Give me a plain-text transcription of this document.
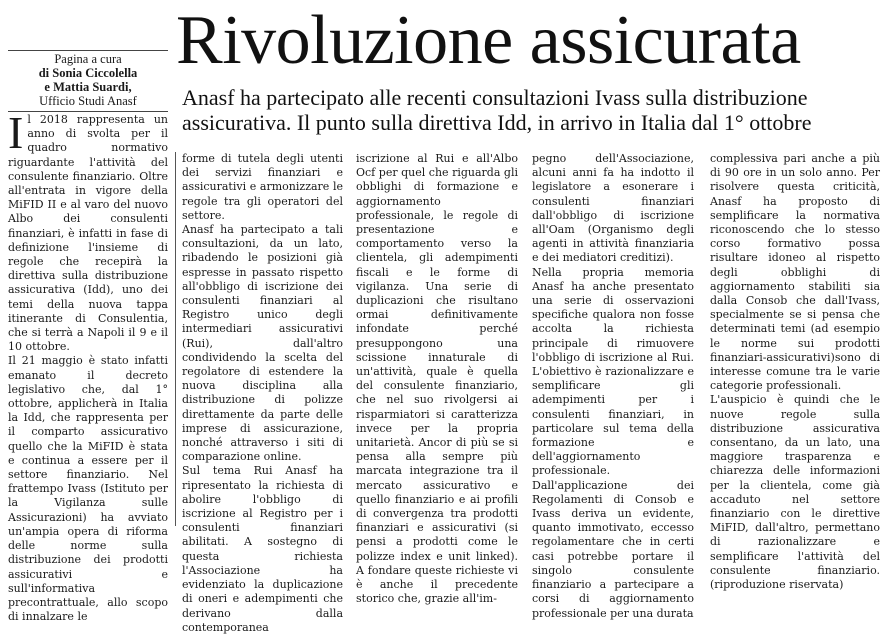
Pagina a cura
di Sonia Ciccolella
e Mattia Suardi,
Ufficio Studi Anasf
Rivoluzione assicurata
Anasf ha partecipato alle recenti consultazioni Ivass sulla distribuzione assicurativa. Il punto sulla direttiva Idd, in arrivo in Italia dal 1° ottobre
I l 2018 rappresenta un anno di svolta per il quadro normativo riguardante l'attività del consulente finanziario. Oltre all'entrata in vigore della MiFID II e al varo del nuovo Albo dei consulenti finanziari, è infatti in fase di definizione l'insieme di regole che recepirà la direttiva sulla distribuzione assicurativa (Idd), uno dei temi della nuova tappa itinerante di Consulentia, che si terrà a Napoli il 9 e il 10 ottobre.

Il 21 maggio è stato infatti emanato il decreto legislativo che, dal 1° ottobre, applicherà in Italia la Idd, che rappresenta per il comparto assicurativo quello che la MiFID è stata e continua a essere per il settore finanziario. Nel frattempo Ivass (Istituto per la Vigilanza sulle Assicurazioni) ha avviato un'ampia opera di riforma delle norme sulla distribuzione dei prodotti assicurativi e sull'informativa precontrattuale, allo scopo di innalzare le

forme di tutela degli utenti dei servizi finanziari e assicurativi e armonizzare le regole tra gli operatori del settore.

Anasf ha partecipato a tali consultazioni, da un lato, ribadendo le posizioni già espresse in passato rispetto all'obbligo di iscrizione dei consulenti finanziari al Registro unico degli intermediari assicurativi (Rui), dall'altro condividendo la scelta del regolatore di estendere la nuova disciplina alla distribuzione di polizze direttamente da parte delle imprese di assicurazione, nonché attraverso i siti di comparazione online.

Sul tema Rui Anasf ha ripresentato la richiesta di abolire l'obbligo di iscrizione al Registro per i consulenti finanziari abilitati. A sostegno di questa richiesta l'Associazione ha evidenziato la duplicazione di oneri e adempimenti che derivano dalla contemporanea

iscrizione al Rui e all'Albo Ocf per quel che riguarda gli obblighi di formazione e aggiornamento professionale, le regole di presentazione e comportamento verso la clientela, gli adempimenti fiscali e le forme di vigilanza. Una serie di duplicazioni che risultano ormai definitivamente infondate perché presuppongono una scissione innaturale di un'attività, quale è quella del consulente finanziario, che nel suo rivolgersi ai risparmiatori si caratterizza invece per la propria unitarietà. Ancor di più se si pensa alla sempre più marcata integrazione tra il mercato assicurativo e quello finanziario e ai profili di convergenza tra prodotti finanziari e assicurativi (si pensi a prodotti come le polizze index e unit linked). A fondare queste richieste vi è anche il precedente storico che, grazie all'im-

pegno dell'Associazione, alcuni anni fa ha indotto il legislatore a esonerare i consulenti finanziari dall'obbligo di iscrizione all'Oam (Organismo degli agenti in attività finanziaria e dei mediatori creditizi).

Nella propria memoria Anasf ha anche presentato una serie di osservazioni specifiche qualora non fosse accolta la richiesta principale di rimuovere l'obbligo di iscrizione al Rui. L'obiettivo è razionalizzare e semplificare gli adempimenti per i consulenti finanziari, in particolare sul tema della formazione e dell'aggiornamento professionale. Dall'applicazione dei Regolamenti di Consob e Ivass deriva un evidente, quanto immotivato, eccesso regolamentare che in certi casi potrebbe portare il singolo consulente finanziario a partecipare a corsi di aggiornamento professionale per una durata

complessiva pari anche a più di 90 ore in un solo anno. Per risolvere questa criticità, Anasf ha proposto di semplificare la normativa riconoscendo che lo stesso corso formativo possa risultare idoneo al rispetto degli obblighi di aggiornamento stabiliti sia dalla Consob che dall'Ivass, specialmente se si pensa che determinati temi (ad esempio le norme sui prodotti finanziari-assicurativi)sono di interesse comune tra le varie categorie professionali.

L'auspicio è quindi che le nuove regole sulla distribuzione assicurativa consentano, da un lato, una maggiore trasparenza e chiarezza delle informazioni per la clientela, come già accaduto nel settore finanziario con le direttive MiFID, dall'altro, permettano di razionalizzare e semplificare l'attività del consulente finanziario. (riproduzione riservata)
